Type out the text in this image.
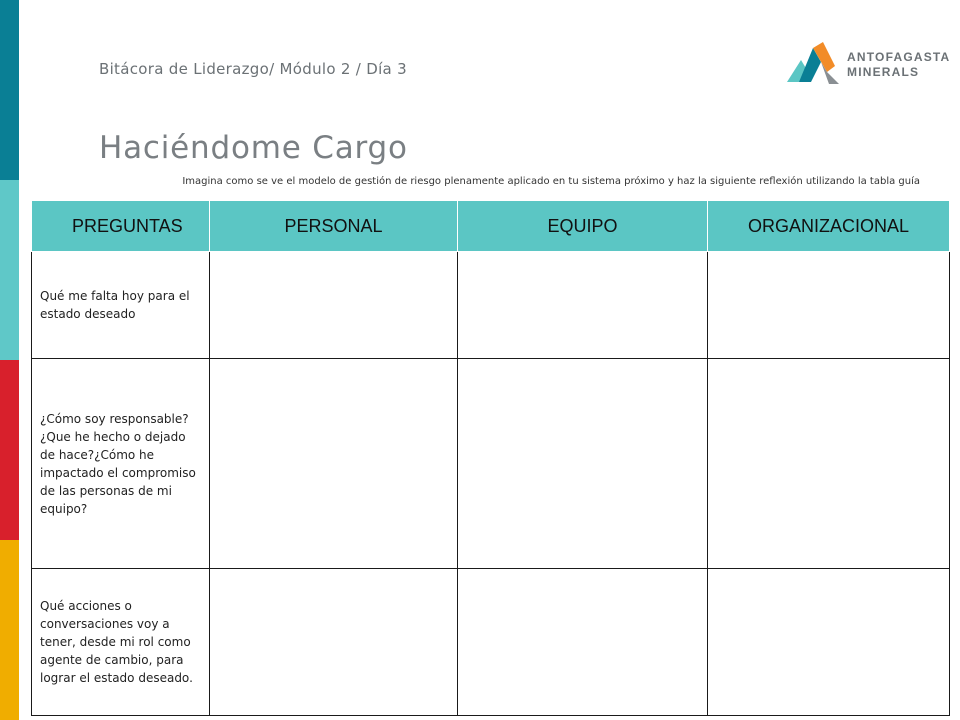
Bitácora de Liderazgo/ Módulo 2 / Día 3
Haciéndome Cargo
Imagina como se ve el modelo de gestión de riesgo plenamente aplicado en tu sistema próximo y haz la siguiente reflexión utilizando la tabla guía
ANTOFAGASTA
MINERALS
PREGUNTAS	PERSONAL	EQUIPO	ORGANIZACIONAL
Qué me falta hoy para el estado deseado			
¿Cómo soy responsable?¿Que he hecho o dejado de hace?¿Cómo he impactado el compromiso de las personas de mi equipo?			
Qué acciones o conversaciones voy a tener, desde mi rol como agente de cambio, para lograr el estado deseado.			
